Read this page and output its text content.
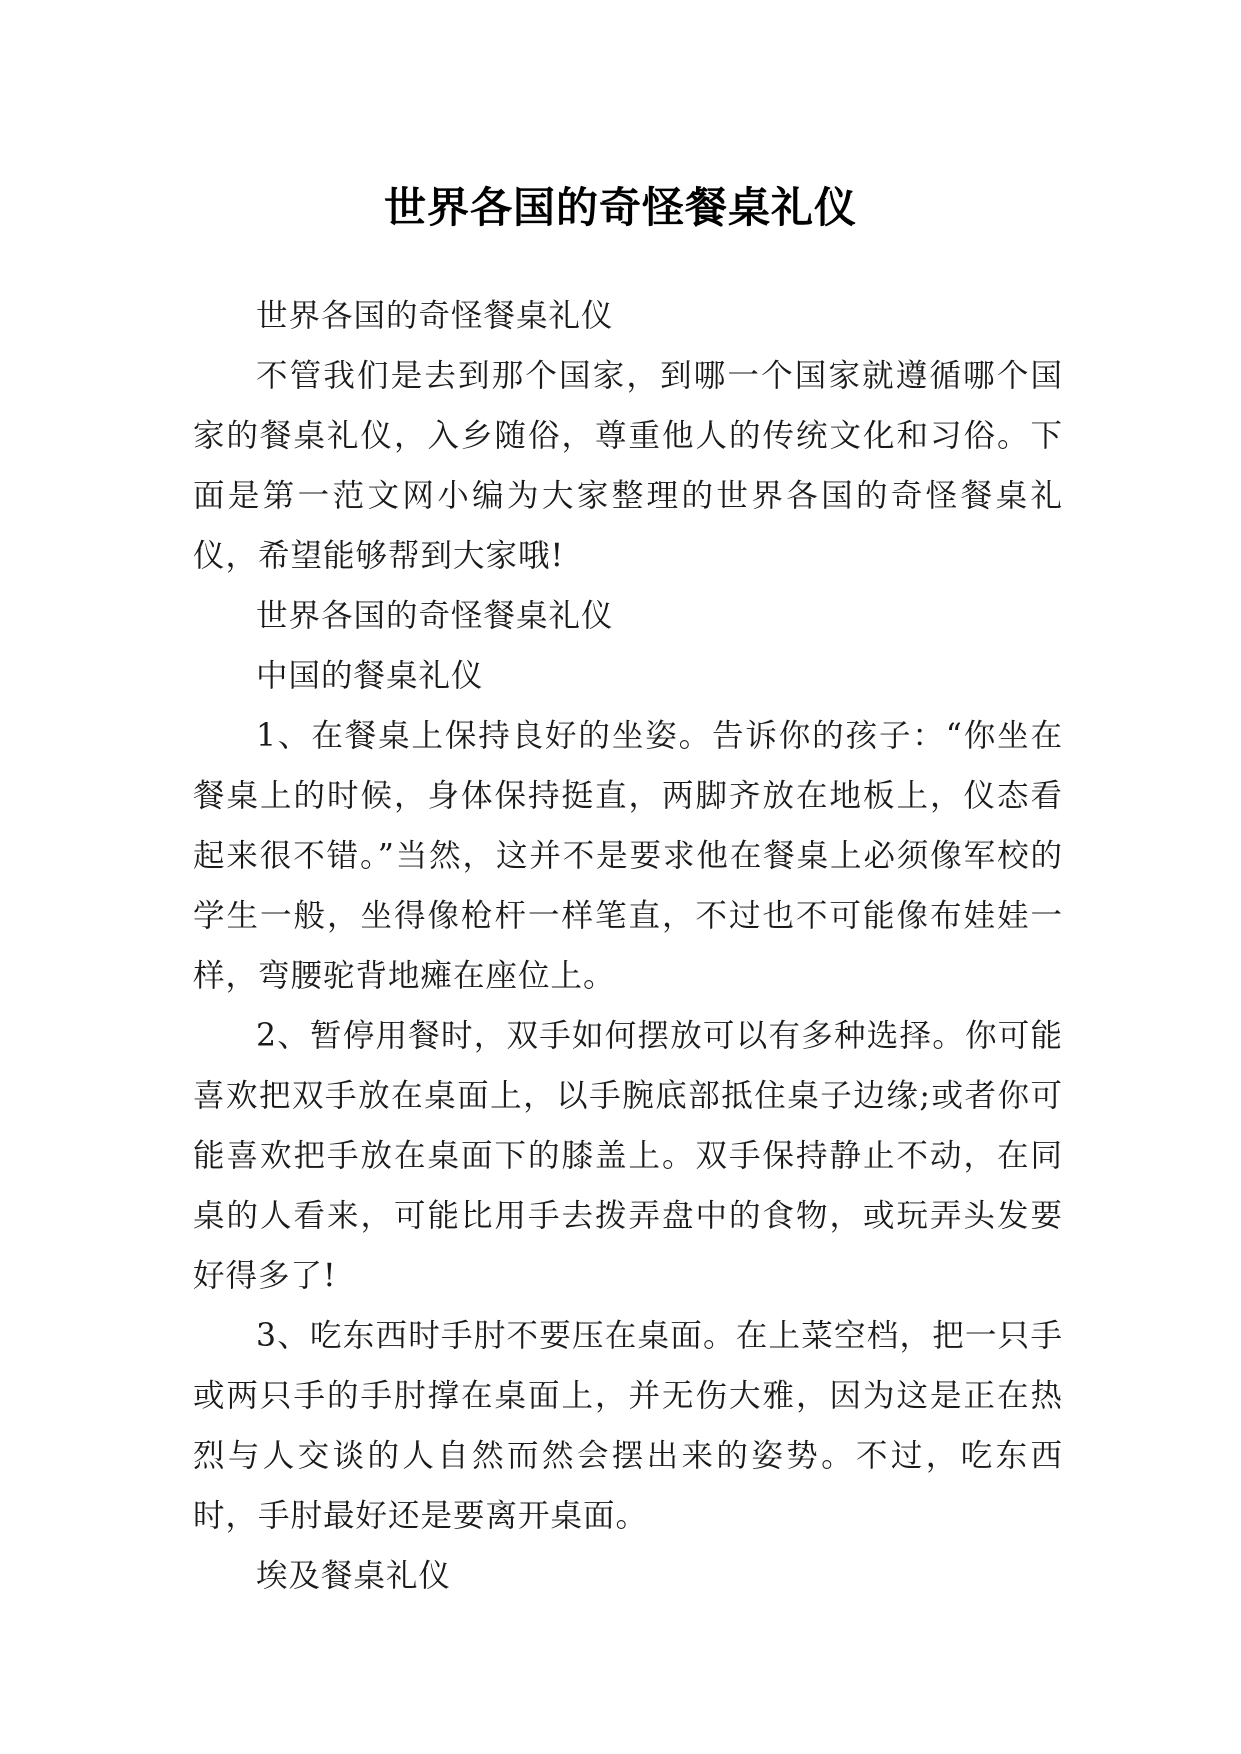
世界各国的奇怪餐桌礼仪

世界各国的奇怪餐桌礼仪

不管我们是去到那个国家，到哪一个国家就遵循哪个国家的餐桌礼仪，入乡随俗，尊重他人的传统文化和习俗。下面是第一范文网小编为大家整理的世界各国的奇怪餐桌礼仪，希望能够帮到大家哦!

世界各国的奇怪餐桌礼仪

中国的餐桌礼仪

1、在餐桌上保持良好的坐姿。告诉你的孩子：“你坐在餐桌上的时候，身体保持挺直，两脚齐放在地板上，仪态看起来很不错。”当然，这并不是要求他在餐桌上必须像军校的学生一般，坐得像枪杆一样笔直，不过也不可能像布娃娃一样，弯腰驼背地瘫在座位上。

2、暂停用餐时，双手如何摆放可以有多种选择。你可能喜欢把双手放在桌面上，以手腕底部抵住桌子边缘;或者你可能喜欢把手放在桌面下的膝盖上。双手保持静止不动，在同桌的人看来，可能比用手去拨弄盘中的食物，或玩弄头发要好得多了!

3、吃东西时手肘不要压在桌面。在上菜空档，把一只手或两只手的手肘撑在桌面上，并无伤大雅，因为这是正在热烈与人交谈的人自然而然会摆出来的姿势。不过，吃东西时，手肘最好还是要离开桌面。

埃及餐桌礼仪
